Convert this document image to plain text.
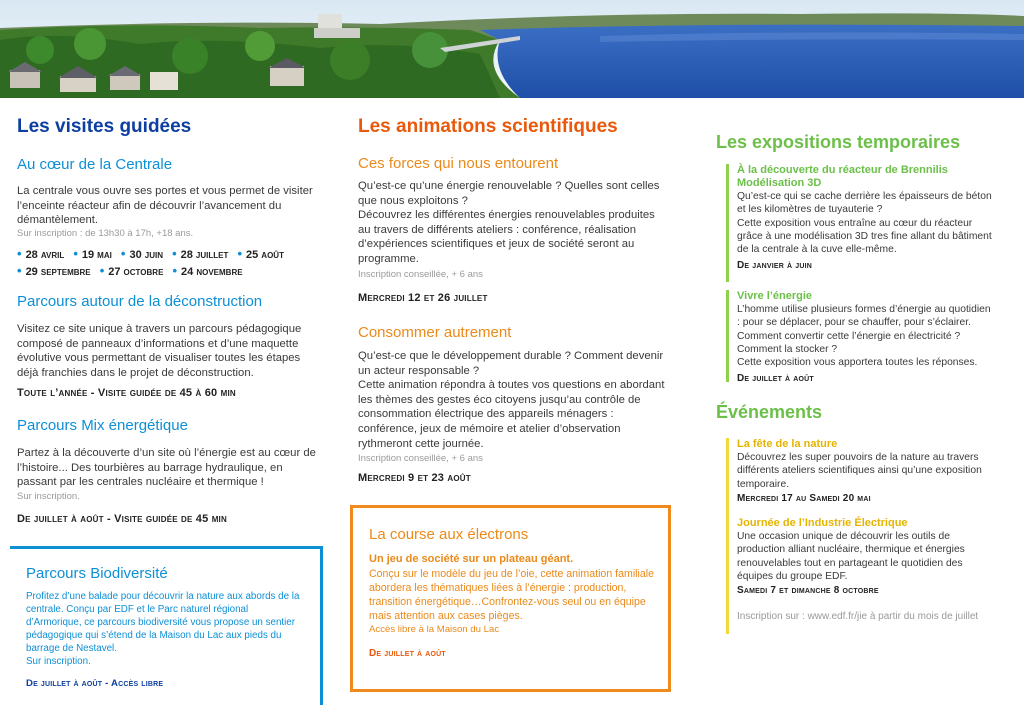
Les visites guidées
Au cœur de la Centrale

La centrale vous ouvre ses portes et vous permet de visiter l’enceinte réacteur afin de découvrir l’avancement du démantèlement.

Sur inscription : de 13h30 à 17h, +18 ans.
• 28 avril • 19 mai • 30 juin • 28 juillet • 25 août
• 29 septembre • 27 octobre • 24 novembre
Parcours autour de la déconstruction

Visitez ce site unique à travers un parcours pédagogique composé de panneaux d’informations et d’une maquette évolutive vous permettant de visualiser toutes les étapes déjà franchies dans le projet de déconstruction.

Toute l’année - Visite guidée de 45 à 60 min
Parcours Mix énergétique

Partez à la découverte d’un site où l’énergie est au cœur de l’histoire... Des tourbières au barrage hydraulique, en passant par les centrales nucléaire et thermique !

Sur inscription.
De juillet à août - Visite guidée de 45 min
Parcours Biodiversité

Profitez d’une balade pour découvrir la nature aux abords de la centrale. Conçu par EDF et le Parc naturel régional d’Armorique, ce parcours biodiversité vous propose un sentier pédagogique qui s’étend de la Maison du Lac aux pieds du barrage de Nestavel.

Sur inscription.

De juillet à août - Accès libre
Les animations scientifiques
Ces forces qui nous entourent

Qu’est-ce qu’une énergie renouvelable ? Quelles sont celles que nous exploitons ?

Découvrez les différentes énergies renouvelables produites au travers de différents ateliers : conférence, réalisation d’expériences scientifiques et jeux de société seront au programme.

Inscription conseillée, + 6 ans
Mercredi 12 et 26 juillet
Consommer autrement

Qu’est-ce que le développement durable ? Comment devenir un acteur responsable ?

Cette animation répondra à toutes vos questions en abordant les thèmes des gestes éco citoyens jusqu’au contrôle de consommation électrique des appareils ménagers : conférence, jeux de mémoire et atelier d’observation rythmeront cette journée.

Inscription conseillée, + 6 ans
Mercredi 9 et 23 août
La course aux électrons

Un jeu de société sur un plateau géant.

Conçu sur le modèle du jeu de l’oie, cette animation familiale abordera les thématiques liées à l’énergie : production, transition énergétique…Confrontez-vous seul ou en équipe mais attention aux cases pièges.

Accès libre à la Maison du Lac

De juillet à août
Les expositions temporaires
À la découverte du réacteur de Brennilis Modélisation 3D

Qu’est-ce qui se cache derrière les épaisseurs de béton et les kilomètres de tuyauterie ?

Cette exposition vous entraîne au cœur du réacteur grâce à une modélisation 3D tres fine allant du bâtiment de la centrale à la cuve elle-même.

De janvier à juin
Vivre l’énergie

L’homme utilise plusieurs formes d’énergie au quotidien : pour se déplacer, pour se chauffer, pour s’éclairer. Comment convertir cette l’énergie en électricité ? Comment la stocker ?

Cette exposition vous apportera toutes les réponses.

De juillet à août
Événements
La fête de la nature

Découvrez les super pouvoirs de la nature au travers différents ateliers scientifiques ainsi qu’une exposition temporaire.

Mercredi 17 au Samedi 20 mai
Journée de l’Industrie Électrique

Une occasion unique de découvrir les outils de production alliant nucléaire, thermique et énergies renouvelables tout en partageant le quotidien des équipes du groupe EDF.

Samedi 7 et dimanche 8 octobre
Inscription sur : www.edf.fr/jie à partir du mois de juillet
